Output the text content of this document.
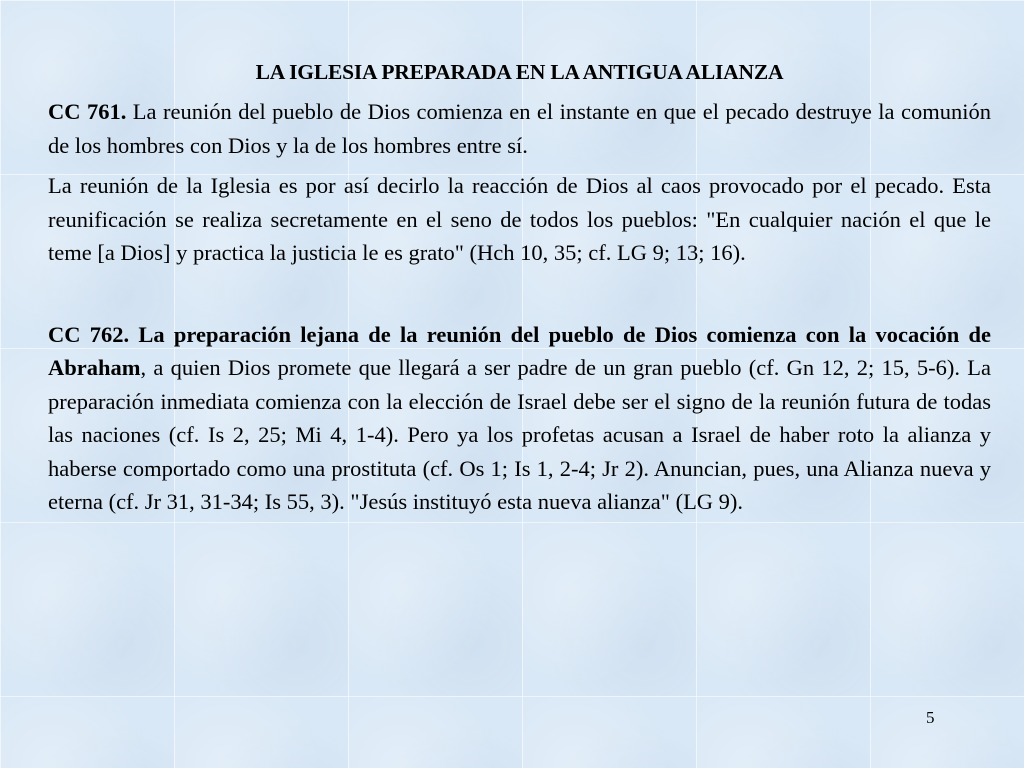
LA IGLESIA PREPARADA EN LA ANTIGUA ALIANZA

CC 761. La reunión del pueblo de Dios comienza en el instante en que el pecado destruye la comunión de los hombres con Dios y la de los hombres entre sí.

La reunión de la Iglesia es por así decirlo la reacción de Dios al caos provocado por el pecado. Esta reunificación se realiza secretamente en el seno de todos los pueblos: "En cualquier nación el que le teme [a Dios] y practica la justicia le es grato" (Hch 10, 35; cf. LG 9; 13; 16).

CC 762. La preparación lejana de la reunión del pueblo de Dios comienza con la vocación de Abraham, a quien Dios promete que llegará a ser padre de un gran pueblo (cf. Gn 12, 2; 15, 5-6). La preparación inmediata comienza con la elección de Israel debe ser el signo de la reunión futura de todas las naciones (cf. Is 2, 25; Mi 4, 1-4). Pero ya los profetas acusan a Israel de haber roto la alianza y haberse comportado como una prostituta (cf. Os 1; Is 1, 2-4; Jr 2). Anuncian, pues, una Alianza nueva y eterna (cf. Jr 31, 31-34; Is 55, 3). "Jesús instituyó esta nueva alianza" (LG 9).

5
